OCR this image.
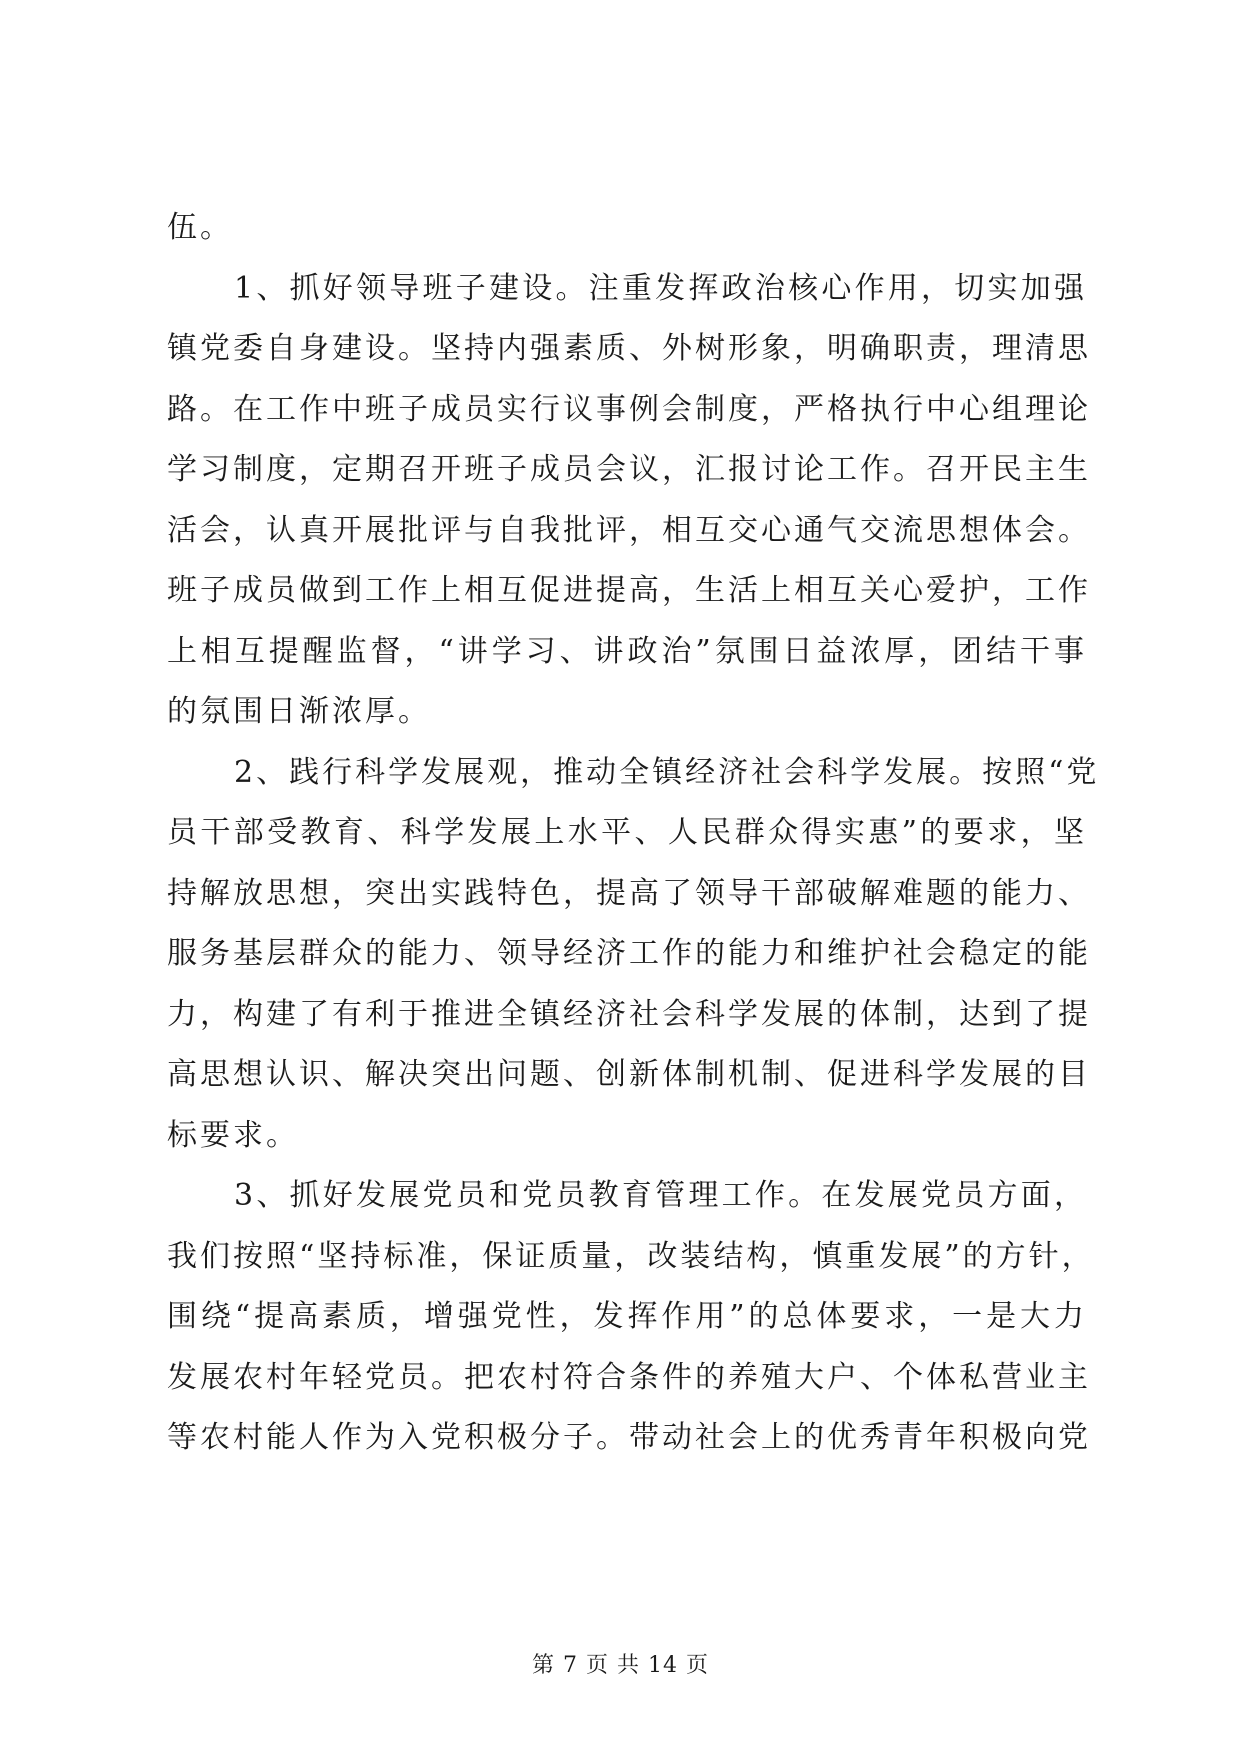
伍。
1、抓好领导班子建设。注重发挥政治核心作用，切实加强
镇党委自身建设。坚持内强素质、外树形象，明确职责，理清思
路。在工作中班子成员实行议事例会制度，严格执行中心组理论
学习制度，定期召开班子成员会议，汇报讨论工作。召开民主生
活会，认真开展批评与自我批评，相互交心通气交流思想体会。
班子成员做到工作上相互促进提高，生活上相互关心爱护，工作
上相互提醒监督，“讲学习、讲政治”氛围日益浓厚，团结干事
的氛围日渐浓厚。
2、践行科学发展观，推动全镇经济社会科学发展。按照“党
员干部受教育、科学发展上水平、人民群众得实惠”的要求，坚
持解放思想，突出实践特色，提高了领导干部破解难题的能力、
服务基层群众的能力、领导经济工作的能力和维护社会稳定的能
力，构建了有利于推进全镇经济社会科学发展的体制，达到了提
高思想认识、解决突出问题、创新体制机制、促进科学发展的目
标要求。
3、抓好发展党员和党员教育管理工作。在发展党员方面，
我们按照“坚持标准，保证质量，改装结构，慎重发展”的方针，
围绕“提高素质，增强党性，发挥作用”的总体要求，一是大力
发展农村年轻党员。把农村符合条件的养殖大户、个体私营业主
等农村能人作为入党积极分子。带动社会上的优秀青年积极向党
第 7 页 共 14 页
